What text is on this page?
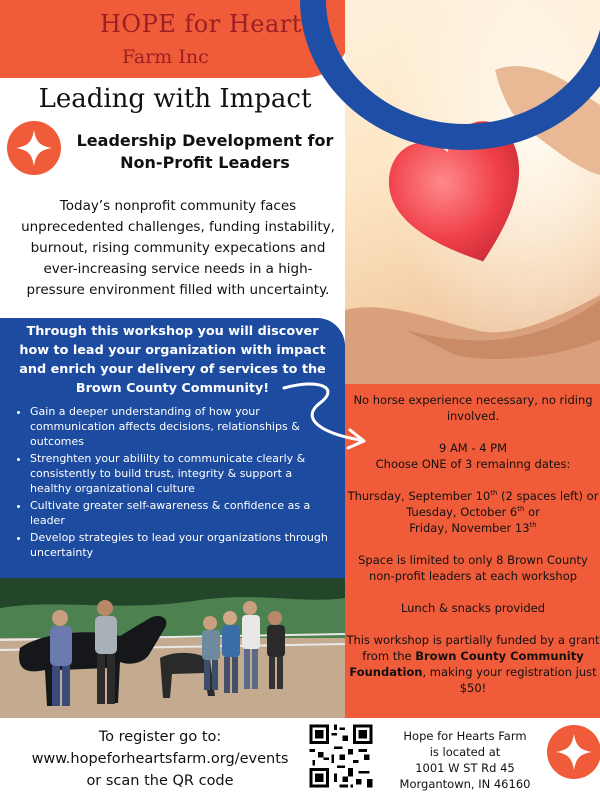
HOPE for Hearts
Farm Inc
Leading with Impact
Leadership Development for Non-Profit Leaders
Today’s nonprofit community faces unprecedented challenges, funding instability, burnout, rising community expecations and ever-increasing service needs in a high-pressure environment filled with uncertainty.
Through this workshop you will discover how to lead your organization with impact and enrich your delivery of services to the Brown County Community!
• Gain a deeper understanding of how your communication affects decisions, relationships & outcomes
• Strenghten your abililty to communicate clearly & consistently to build trust, integrity & support a healthy organizational culture
• Cultivate greater self-awareness & confidence as a leader
• Develop strategies to lead your organizations through uncertainty

No horse experience necessary, no riding involved.

9 AM - 4 PM
Choose ONE of 3 remainng dates:

Thursday, September 10th (2 spaces left) or
Tuesday, October 6th or
Friday, November 13th

Space is limited to only 8 Brown County non-profit leaders at each workshop

Lunch & snacks provided

This workshop is partially funded by a grant from the Brown County Community Foundation, making your registration just $50!

To register go to:
www.hopeforheartsfarm.org/events
or scan the QR code
Hope for Hearts Farm
is located at
1001 W ST Rd 45
Morgantown, IN 46160
